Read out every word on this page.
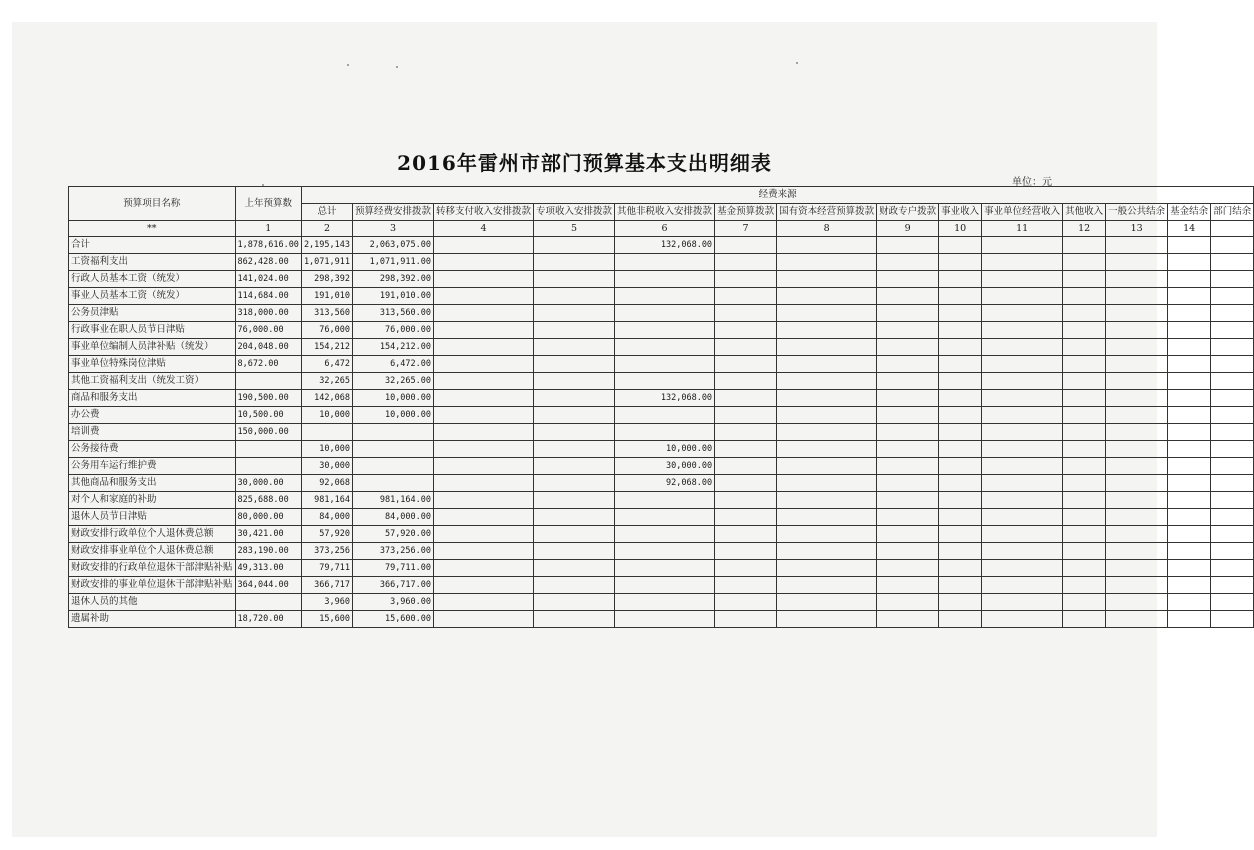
2016年雷州市部门预算基本支出明细表
单位：元
预算项目名称	上年预算数	经费来源													
		总计	预算经费安排拨款	转移支付收入安排拨款	专项收入安排拨款	其他非税收入安排拨款	基金预算拨款	国有资本经营预算拨款	财政专户拨款	事业收入	事业单位经营收入	其他收入	一般公共结余	基金结余	部门结余
**	1	2	3	4	5	6	7	8	9	10	11	12	13	14	
合计	1,878,616.00	2,195,143	2,063,075.00			132,068.00									
工资福利支出	862,428.00	1,071,911	1,071,911.00												
行政人员基本工资（统发）	141,024.00	298,392	298,392.00												
事业人员基本工资（统发）	114,684.00	191,010	191,010.00												
公务员津贴	318,000.00	313,560	313,560.00												
行政事业在职人员节日津贴	76,000.00	76,000	76,000.00												
事业单位编制人员津补贴（统发）	204,048.00	154,212	154,212.00												
事业单位特殊岗位津贴	8,672.00	6,472	6,472.00												
其他工资福利支出（统发工资）		32,265	32,265.00												
商品和服务支出	190,500.00	142,068	10,000.00			132,068.00									
办公费	10,500.00	10,000	10,000.00												
培训费	150,000.00														
公务接待费		10,000				10,000.00									
公务用车运行维护费		30,000				30,000.00									
其他商品和服务支出	30,000.00	92,068				92,068.00									
对个人和家庭的补助	825,688.00	981,164	981,164.00												
退休人员节日津贴	80,000.00	84,000	84,000.00												
财政安排行政单位个人退休费总额	30,421.00	57,920	57,920.00												
财政安排事业单位个人退休费总额	283,190.00	373,256	373,256.00												
财政安排的行政单位退休干部津贴补贴	49,313.00	79,711	79,711.00												
财政安排的事业单位退休干部津贴补贴	364,044.00	366,717	366,717.00												
退休人员的其他		3,960	3,960.00												
遗属补助	18,720.00	15,600	15,600.00												
